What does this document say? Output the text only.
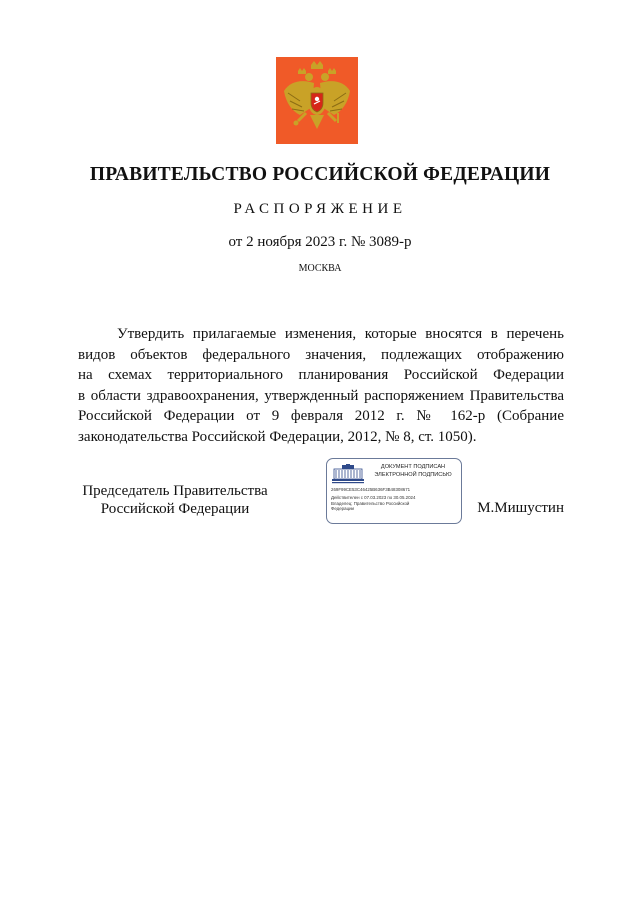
ПРАВИТЕЛЬСТВО РОССИЙСКОЙ ФЕДЕРАЦИИ
РАСПОРЯЖЕНИЕ
от 2 ноября 2023 г. № 3089-р
МОСКВА
Утвердить прилагаемые изменения, которые вносятся в перечень
видов объектов федерального значения, подлежащих отображению
на схемах территориального планирования Российской Федерации
в области здравоохранения, утвержденный распоряжением Правительства
Российской Федерации от 9 февраля 2012 г. № 162-р (Собрание
законодательства Российской Федерации, 2012, № 8, ст. 1050).
Председатель Правительства
Российской Федерации
ДОКУМЕНТ ПОДПИСАН
ЭЛЕКТРОННОЙ ПОДПИСЬЮ
269F99CE53C46425B636F3B48308671
Действителен с 07.03.2023 по 30.05.2024
Владелец: Правительство Российской
Федерации	М.Мишустин
